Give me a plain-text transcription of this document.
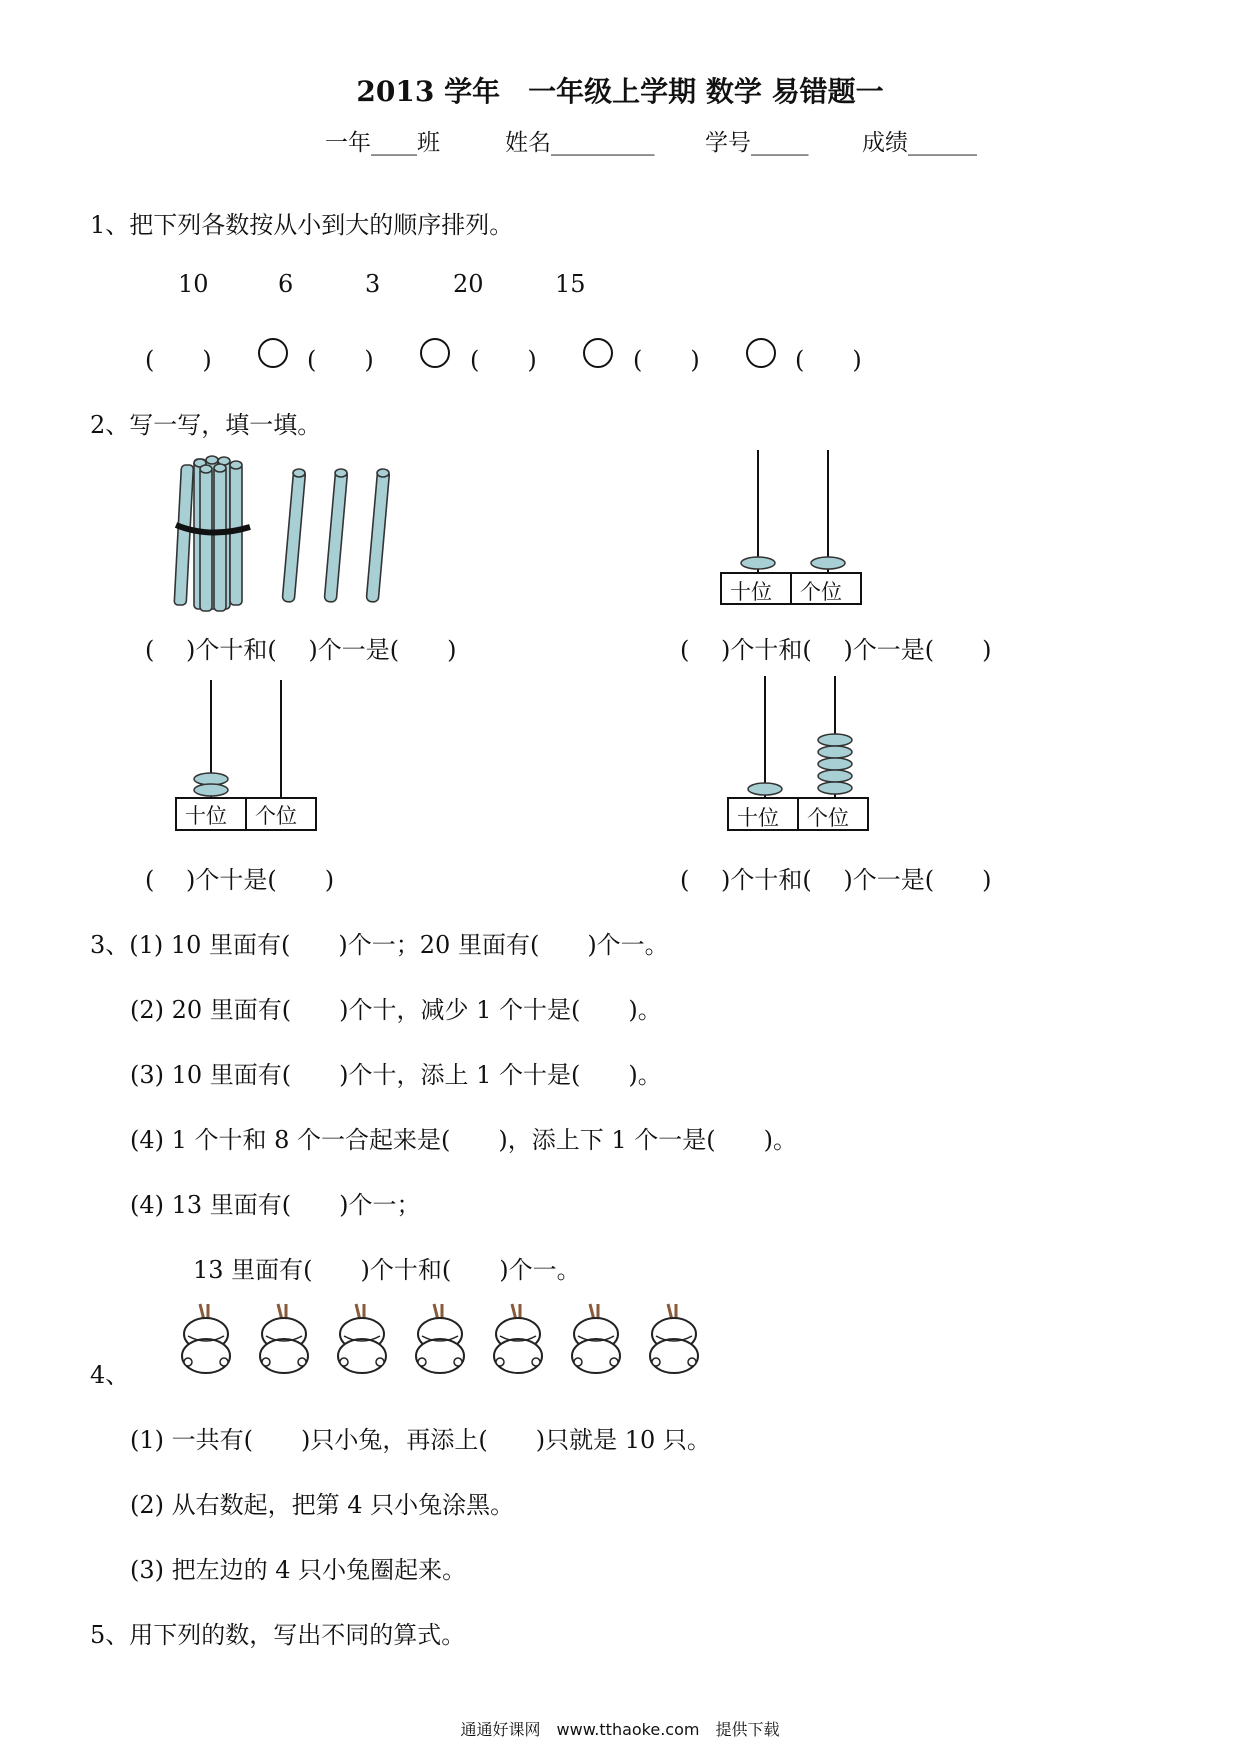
2013 学年　一年级上学期 数学 易错题一
一年____班	姓名_________ 学号_____ 成绩______
1、把下列各数按从小到大的顺序排列。
10	6	3	20	15
(　　)	(　　)	(　　)	(　　)	(　　)
2、写一写，填一填。
十位 个位
(　 )个十和(　 )个一是(　　)	(　 )个十和(　 )个一是(　　)
十位 个位	十位 个位
(　 )个十是(　　)	(　 )个十和(　 )个一是(　　)
3、(1) 10 里面有(　　)个一；20 里面有(　　)个一。
(2) 20 里面有(　　)个十，减少 1 个十是(　　)。
(3) 10 里面有(　　)个十，添上 1 个十是(　　)。
(4) 1 个十和 8 个一合起来是(　　)，添上下 1 个一是(　　)。
(4) 13 里面有(　　)个一；
13 里面有(　　)个十和(　　)个一。
4、
(1) 一共有(　　)只小兔，再添上(　　)只就是 10 只。
(2) 从右数起，把第 4 只小兔涂黑。
(3) 把左边的 4 只小兔圈起来。
5、用下列的数，写出不同的算式。
通通好课网　www.tthaoke.com　提供下载
